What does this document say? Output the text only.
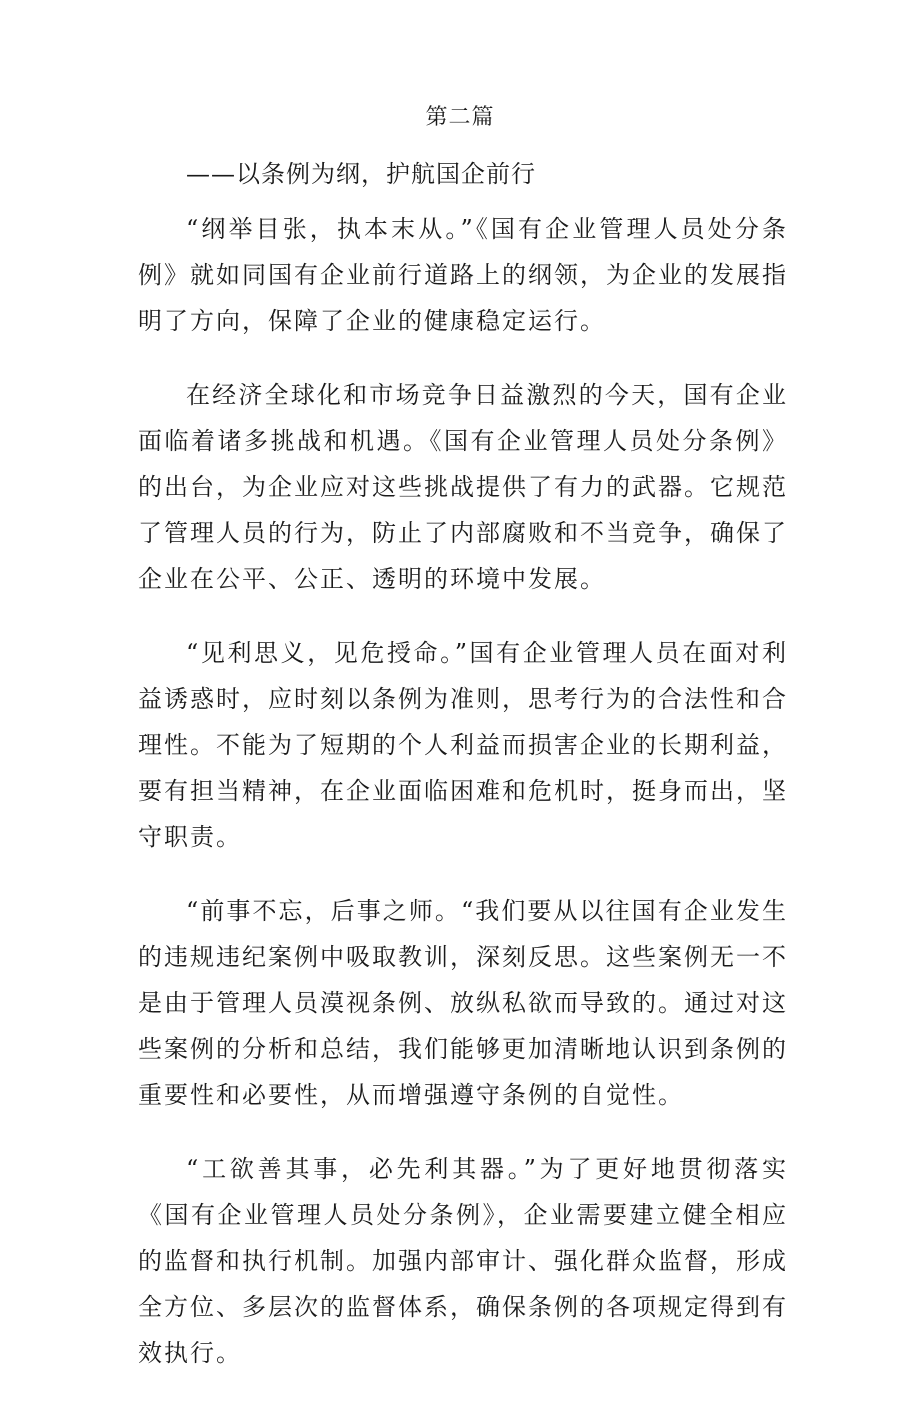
第二篇
——以条例为纲，护航国企前行

“纲举目张，执本末从。”《国有企业管理人员处分条例》就如同国有企业前行道路上的纲领，为企业的发展指明了方向，保障了企业的健康稳定运行。

在经济全球化和市场竞争日益激烈的今天，国有企业面临着诸多挑战和机遇。《国有企业管理人员处分条例》的出台，为企业应对这些挑战提供了有力的武器。它规范了管理人员的行为，防止了内部腐败和不当竞争，确保了企业在公平、公正、透明的环境中发展。

“见利思义，见危授命。”国有企业管理人员在面对利益诱惑时，应时刻以条例为准则，思考行为的合法性和合理性。不能为了短期的个人利益而损害企业的长期利益，要有担当精神，在企业面临困难和危机时，挺身而出，坚守职责。

“前事不忘，后事之师。“我们要从以往国有企业发生的违规违纪案例中吸取教训，深刻反思。这些案例无一不是由于管理人员漠视条例、放纵私欲而导致的。通过对这些案例的分析和总结，我们能够更加清晰地认识到条例的重要性和必要性，从而增强遵守条例的自觉性。

“工欲善其事，必先利其器。”为了更好地贯彻落实《国有企业管理人员处分条例》，企业需要建立健全相应的监督和执行机制。加强内部审计、强化群众监督，形成全方位、多层次的监督体系，确保条例的各项规定得到有效执行。
